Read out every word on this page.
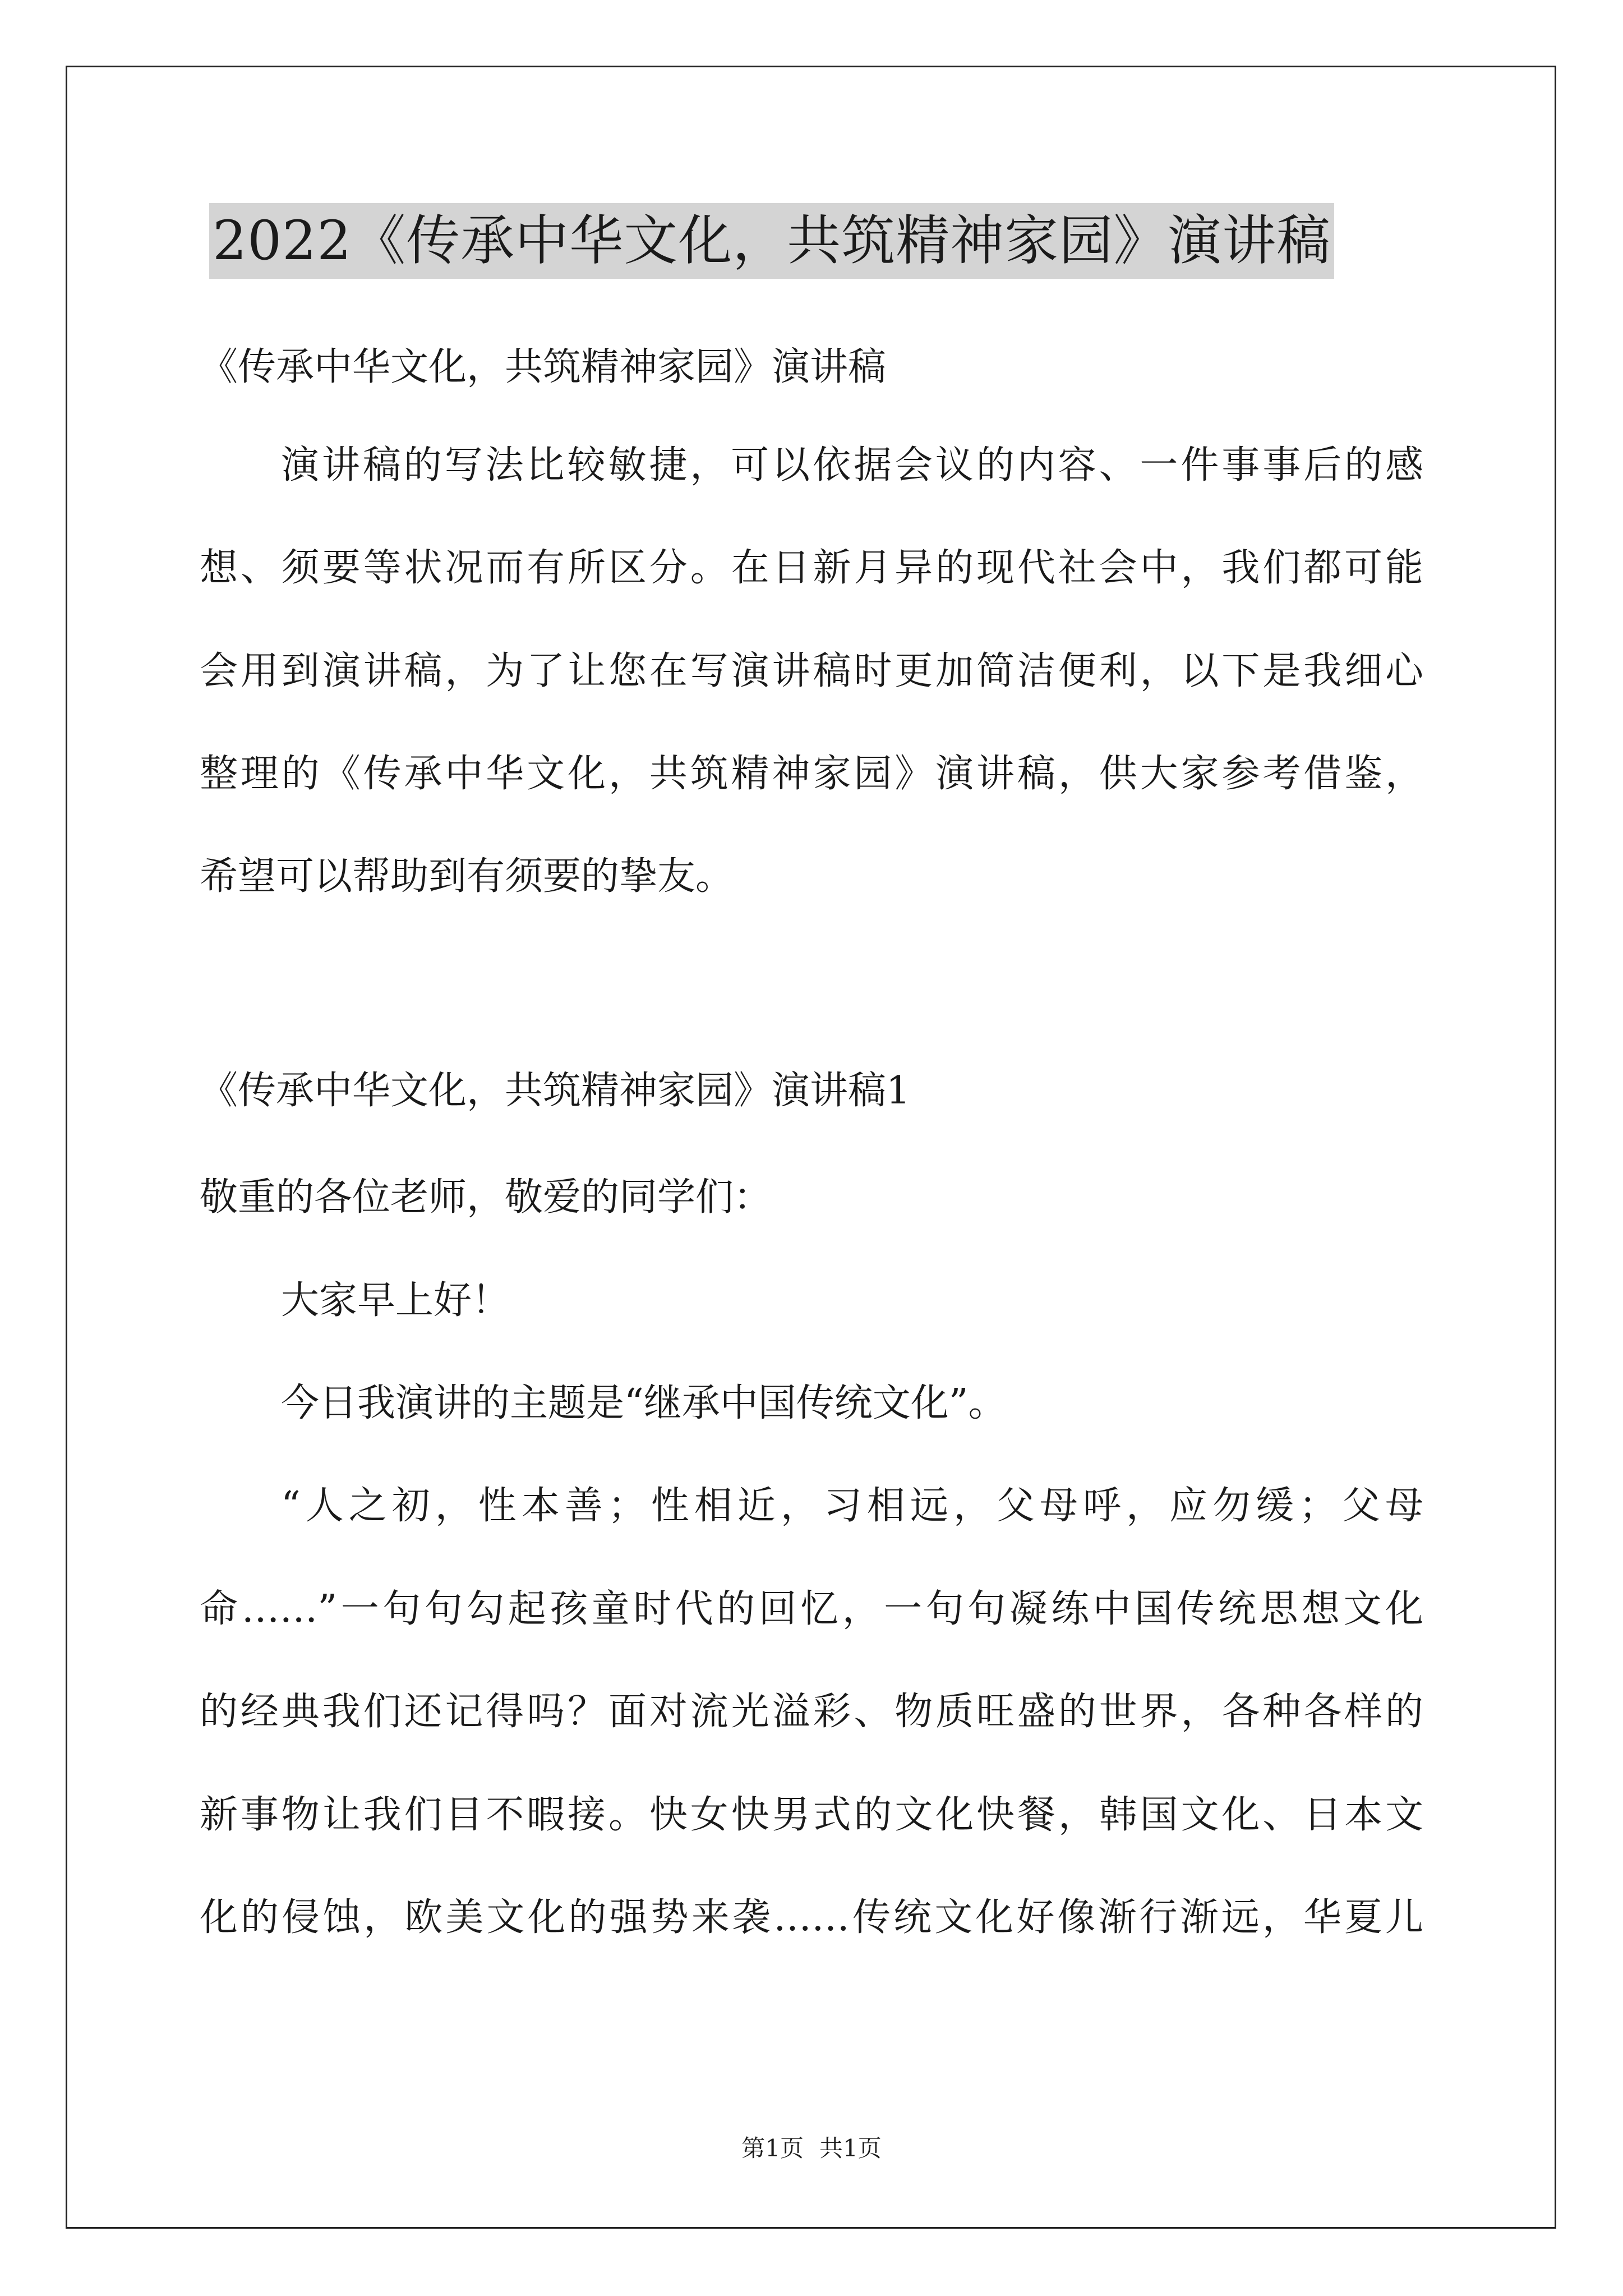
2022《传承中华文化，共筑精神家园》演讲稿
《传承中华文化，共筑精神家园》演讲稿
演讲稿的写法比较敏捷，可以依据会议的内容、一件事事后的感
想、须要等状况而有所区分。在日新月异的现代社会中，我们都可能
会用到演讲稿，为了让您在写演讲稿时更加简洁便利，以下是我细心
整理的《传承中华文化，共筑精神家园》演讲稿，供大家参考借鉴，
希望可以帮助到有须要的挚友。
《传承中华文化，共筑精神家园》演讲稿1
敬重的各位老师，敬爱的同学们：
大家早上好！
今日我演讲的主题是“继承中国传统文化”。
“人之初，性本善；性相近，习相远，父母呼，应勿缓；父母
命……”一句句勾起孩童时代的回忆，一句句凝练中国传统思想文化
的经典我们还记得吗？面对流光溢彩、物质旺盛的世界，各种各样的
新事物让我们目不暇接。快女快男式的文化快餐，韩国文化、日本文
化的侵蚀，欧美文化的强势来袭……传统文化好像渐行渐远，华夏儿
第1页 共1页
